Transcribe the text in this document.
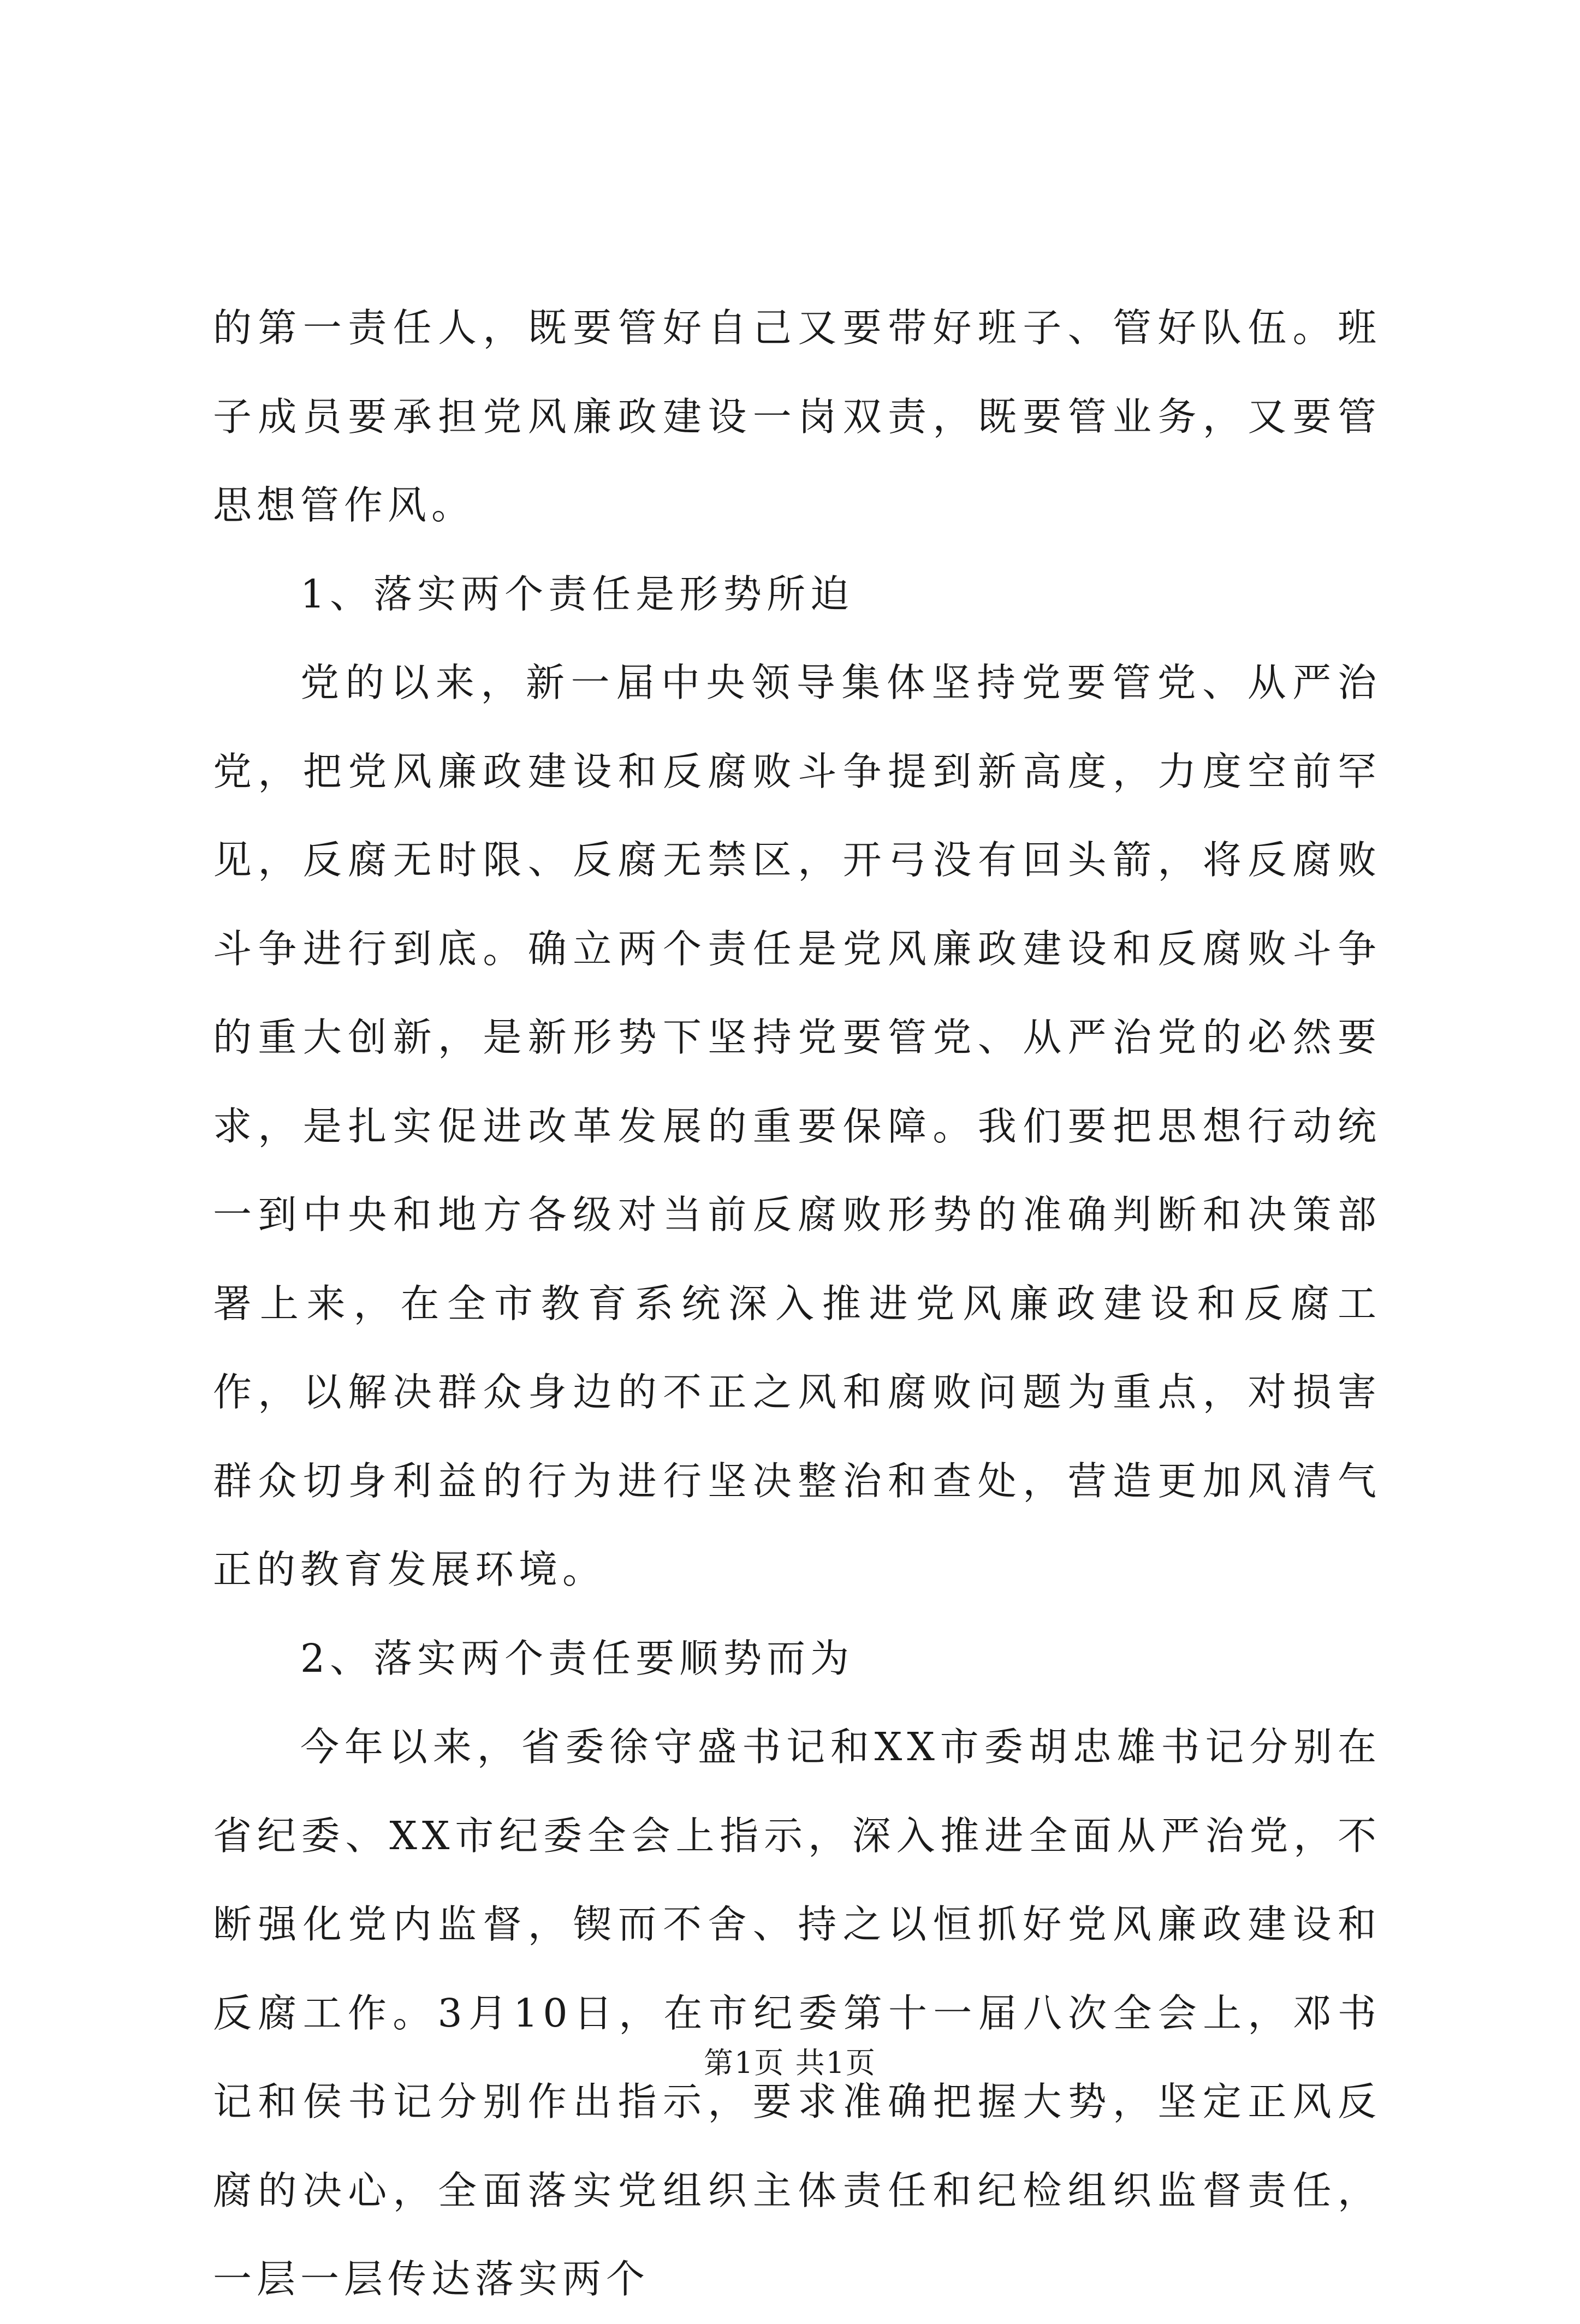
的第一责任人，既要管好自己又要带好班子、管好队伍。班子成员要承担党风廉政建设一岗双责，既要管业务，又要管思想管作风。

1、落实两个责任是形势所迫

党的以来，新一届中央领导集体坚持党要管党、从严治党，把党风廉政建设和反腐败斗争提到新高度，力度空前罕见，反腐无时限、反腐无禁区，开弓没有回头箭，将反腐败斗争进行到底。确立两个责任是党风廉政建设和反腐败斗争的重大创新，是新形势下坚持党要管党、从严治党的必然要求，是扎实促进改革发展的重要保障。我们要把思想行动统一到中央和地方各级对当前反腐败形势的准确判断和决策部署上来，在全市教育系统深入推进党风廉政建设和反腐工作，以解决群众身边的不正之风和腐败问题为重点，对损害群众切身利益的行为进行坚决整治和查处，营造更加风清气正的教育发展环境。

2、落实两个责任要顺势而为

今年以来，省委徐守盛书记和XX市委胡忠雄书记分别在省纪委、XX市纪委全会上指示，深入推进全面从严治党，不断强化党内监督，锲而不舍、持之以恒抓好党风廉政建设和反腐工作。3月10日，在市纪委第十一届八次全会上，邓书记和侯书记分别作出指示，要求准确把握大势，坚定正风反腐的决心，全面落实党组织主体责任和纪检组织监督责任，一层一层传达落实两个

第1页 共1页
